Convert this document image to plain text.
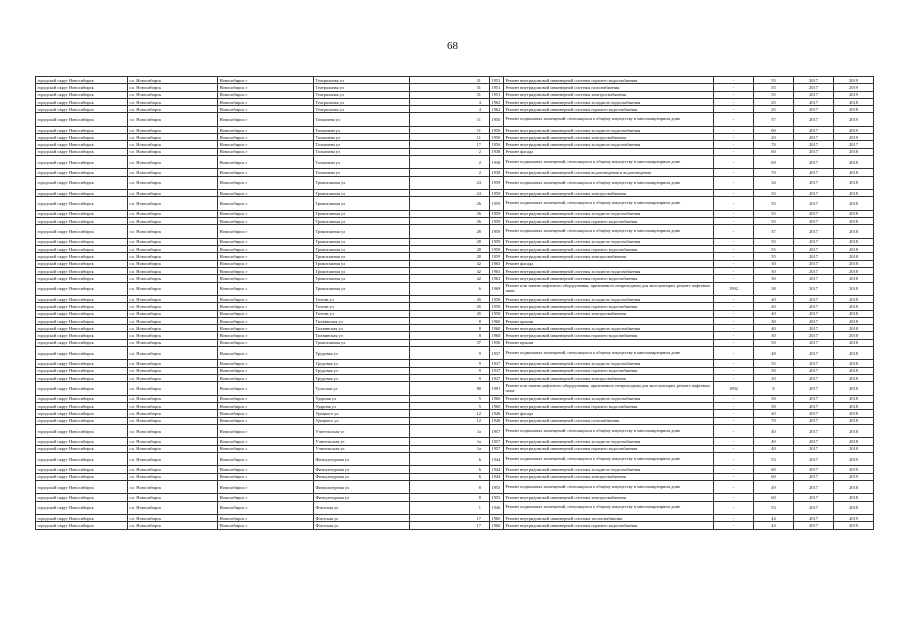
68
городской округ Новосибирск	г.о. Новосибирск	Новосибирск г	Театральная ул	31	1951	Ремонт внутридомовой инженерной системы горячего водоснабжения	-	55	2017	2019
городской округ Новосибирск	г.о. Новосибирск	Новосибирск г	Театральная ул	31	1951	Ремонт внутридомовой инженерной системы газоснабжения	-	55	2017	2019
городской округ Новосибирск	г.о. Новосибирск	Новосибирск г	Театральная ул	31	1951	Ремонт внутридомовой инженерной системы электроснабжения	-	55	2017	2019
городской округ Новосибирск	г.о. Новосибирск	Новосибирск г	Театральная ул	4	1962	Ремонт внутридомовой инженерной системы холодного водоснабжения	-	25	2017	2018
городской округ Новосибирск	г.о. Новосибирск	Новосибирск г	Театральная ул	4	1962	Ремонт внутридомовой инженерной системы горячего водоснабжения	-	25	2017	2018
городской округ Новосибирск	г.о. Новосибирск	Новосибирск г	Толмачева ул	11	1950	Ремонт подвальных помещений, относящихся к общему имуществу в многоквартирном доме	-	57	2017	2019
городской округ Новосибирск	г.о. Новосибирск	Новосибирск г	Толмачева ул	11	1950	Ремонт внутридомовой инженерной системы холодного водоснабжения	-	60	2017	2019
городской округ Новосибирск	г.о. Новосибирск	Новосибирск г	Толмачева ул	11	1950	Ремонт внутридомовой инженерной системы электроснабжения	-	20	2017	2019
городской округ Новосибирск	г.о. Новосибирск	Новосибирск г	Толмачева ул	17	1956	Ремонт внутридомовой инженерной системы холодного водоснабжения	-	70	2017	2017
городской округ Новосибирск	г.о. Новосибирск	Новосибирск г	Толмачева ул	2	1938	Ремонт фасада	-	60	2017	2018
городской округ Новосибирск	г.о. Новосибирск	Новосибирск г	Толмачева ул	2	1938	Ремонт подвальных помещений, относящихся к общему имуществу в многоквартирном доме	-	69	2017	2018
городской округ Новосибирск	г.о. Новосибирск	Новосибирск г	Толмачева ул	2	1938	Ремонт внутридомовой инженерной системы водоотведения и водоотведения	-	70	2017	2018
городской округ Новосибирск	г.о. Новосибирск	Новосибирск г	Трикотажная ул	24	1959	Ремонт подвальных помещений, относящихся к общему имуществу в многоквартирном доме	-	34	2017	2018
городской округ Новосибирск	г.о. Новосибирск	Новосибирск г	Трикотажная ул	24	1959	Ремонт внутридомовой инженерной системы электроснабжения	-	35	2017	2018
городской округ Новосибирск	г.о. Новосибирск	Новосибирск г	Трикотажная ул	26	1959	Ремонт подвальных помещений, относящихся к общему имуществу в многоквартирном доме	-	35	2017	2018
городской округ Новосибирск	г.о. Новосибирск	Новосибирск г	Трикотажная ул	26	1959	Ремонт внутридомовой инженерной системы холодного водоснабжения	-	55	2017	2018
городской округ Новосибирск	г.о. Новосибирск	Новосибирск г	Трикотажная ул	26	1959	Ремонт внутридомовой инженерной системы горячего водоснабжения	-	55	2017	2018
городской округ Новосибирск	г.о. Новосибирск	Новосибирск г	Трикотажная ул	28	1959	Ремонт подвальных помещений, относящихся к общему имуществу в многоквартирном доме	-	37	2017	2018
городской округ Новосибирск	г.о. Новосибирск	Новосибирск г	Трикотажная ул	28	1959	Ремонт внутридомовой инженерной системы холодного водоснабжения	-	55	2017	2018
городской округ Новосибирск	г.о. Новосибирск	Новосибирск г	Трикотажная ул	28	1959	Ремонт внутридомовой инженерной системы горячего водоснабжения	-	55	2017	2018
городской округ Новосибирск	г.о. Новосибирск	Новосибирск г	Трикотажная ул	28	1959	Ремонт внутридомовой инженерной системы электроснабжения	-	55	2017	2018
городской округ Новосибирск	г.о. Новосибирск	Новосибирск г	Трикотажная ул	42	1963	Ремонт фасада	-	30	2017	2018
городской округ Новосибирск	г.о. Новосибирск	Новосибирск г	Трикотажная ул	42	1963	Ремонт внутридомовой инженерной системы холодного водоснабжения	-	30	2017	2018
городской округ Новосибирск	г.о. Новосибирск	Новосибирск г	Трикотажная ул	42	1963	Ремонт внутридомовой инженерной системы горячего водоснабжения	-	30	2017	2018
городской округ Новосибирск	г.о. Новосибирск	Новосибирск г	Трикотажная ул	6	1969	Ремонт или замена лифтового оборудования, признанного непригодным для эксплуатации, ремонт лифтовых шахт	1992	38	2017	2018
городской округ Новосибирск	г.о. Новосибирск	Новосибирск г	Титова ул	45	1958	Ремонт внутридомовой инженерной системы холодного водоснабжения	-	40	2017	2018
городской округ Новосибирск	г.о. Новосибирск	Новосибирск г	Титова ул	45	1958	Ремонт внутридомовой инженерной системы горячего водоснабжения	-	40	2017	2018
городской округ Новосибирск	г.о. Новосибирск	Новосибирск г	Титова ул	45	1958	Ремонт внутридомовой инженерной системы электроснабжения	-	40	2017	2018
городской округ Новосибирск	г.о. Новосибирск	Новосибирск г	Тихвинская ул	8	1960	Ремонт крыши	-	30	2017	2018
городской округ Новосибирск	г.о. Новосибирск	Новосибирск г	Тихвинская ул	8	1960	Ремонт внутридомовой инженерной системы холодного водоснабжения	-	40	2017	2018
городской округ Новосибирск	г.о. Новосибирск	Новосибирск г	Тихвинская ул	8	1960	Ремонт внутридомовой инженерной системы горячего водоснабжения	-	30	2017	2018
городской округ Новосибирск	г.о. Новосибирск	Новосибирск г	Трикотажная ул	37	1950	Ремонт крыши	-	50	2017	2018
городской округ Новосибирск	г.о. Новосибирск	Новосибирск г	Трудовая ул	9	1937	Ремонт подвальных помещений, относящихся к общему имуществу в многоквартирном доме	-	48	2017	2018
городской округ Новосибирск	г.о. Новосибирск	Новосибирск г	Трудовая ул	9	1937	Ремонт внутридомовой инженерной системы холодного водоснабжения	-	55	2017	2018
городской округ Новосибирск	г.о. Новосибирск	Новосибирск г	Трудовая ул	9	1937	Ремонт внутридомовой инженерной системы горячего водоснабжения	-	50	2017	2018
городской округ Новосибирск	г.о. Новосибирск	Новосибирск г	Трудовая ул	9	1937	Ремонт внутридомовой инженерной системы электроснабжения	-	20	2017	2018
городской округ Новосибирск	г.о. Новосибирск	Новосибирск г	Тульская ул	88	1991	Ремонт или замена лифтового оборудования, признанного непригодным для эксплуатации, ремонт лифтовых шахт	1992	8	2017	2018
городской округ Новосибирск	г.о. Новосибирск	Новосибирск г	Ударная ул	5	1960	Ремонт внутридомовой инженерной системы холодного водоснабжения	-	50	2017	2018
городской округ Новосибирск	г.о. Новосибирск	Новосибирск г	Ударная ул	5	1960	Ремонт внутридомовой инженерной системы горячего водоснабжения	-	50	2017	2018
городской округ Новосибирск	г.о. Новосибирск	Новосибирск г	Урицкого ул	12	1946	Ремонт фасада	-	40	2017	2018
городской округ Новосибирск	г.о. Новосибирск	Новосибирск г	Урицкого ул	12	1946	Ремонт внутридомовой инженерной системы газоснабжения	-	70	2017	2018
городской округ Новосибирск	г.о. Новосибирск	Новосибирск г	Учительская ул	1а	1957	Ремонт подвальных помещений, относящихся к общему имуществу в многоквартирном доме	-	40	2017	2018
городской округ Новосибирск	г.о. Новосибирск	Новосибирск г	Учительская ул	1а	1957	Ремонт внутридомовой инженерной системы холодного водоснабжения	-	40	2017	2018
городской округ Новосибирск	г.о. Новосибирск	Новосибирск г	Учительская ул	1а	1957	Ремонт внутридомовой инженерной системы горячего водоснабжения	-	40	2017	2018
городской округ Новосибирск	г.о. Новосибирск	Новосибирск г	Физкультурная ул	6	1944	Ремонт подвальных помещений, относящихся к общему имуществу в многоквартирном доме	-	53	2017	2019
городской округ Новосибирск	г.о. Новосибирск	Новосибирск г	Физкультурная ул	6	1944	Ремонт внутридомовой инженерной системы холодного водоснабжения	-	60	2017	2019
городской округ Новосибирск	г.о. Новосибирск	Новосибирск г	Физкультурная ул	6	1944	Ремонт внутридомовой инженерной системы электроснабжения	-	60	2017	2019
городской округ Новосибирск	г.о. Новосибирск	Новосибирск г	Физкультурная ул	8	1955	Ремонт подвальных помещений, относящихся к общему имуществу в многоквартирном доме	-	49	2017	2018
городской округ Новосибирск	г.о. Новосибирск	Новосибирск г	Физкультурная ул	8	1955	Ремонт внутридомовой инженерной системы электроснабжения	-	60	2017	2018
городской округ Новосибирск	г.о. Новосибирск	Новосибирск г	Флотская ул	1	1946	Ремонт подвальных помещений, относящихся к общему имуществу в многоквартирном доме	-	53	2017	2018
городской округ Новосибирск	г.о. Новосибирск	Новосибирск г	Флотская ул	17	1966	Ремонт внутридомовой инженерной системы теплоснабжения	-	44	2017	2019
городской округ Новосибирск	г.о. Новосибирск	Новосибирск г	Флотская ул	17	1966	Ремонт внутридомовой инженерной системы горячего водоснабжения	-	44	2017	2019
